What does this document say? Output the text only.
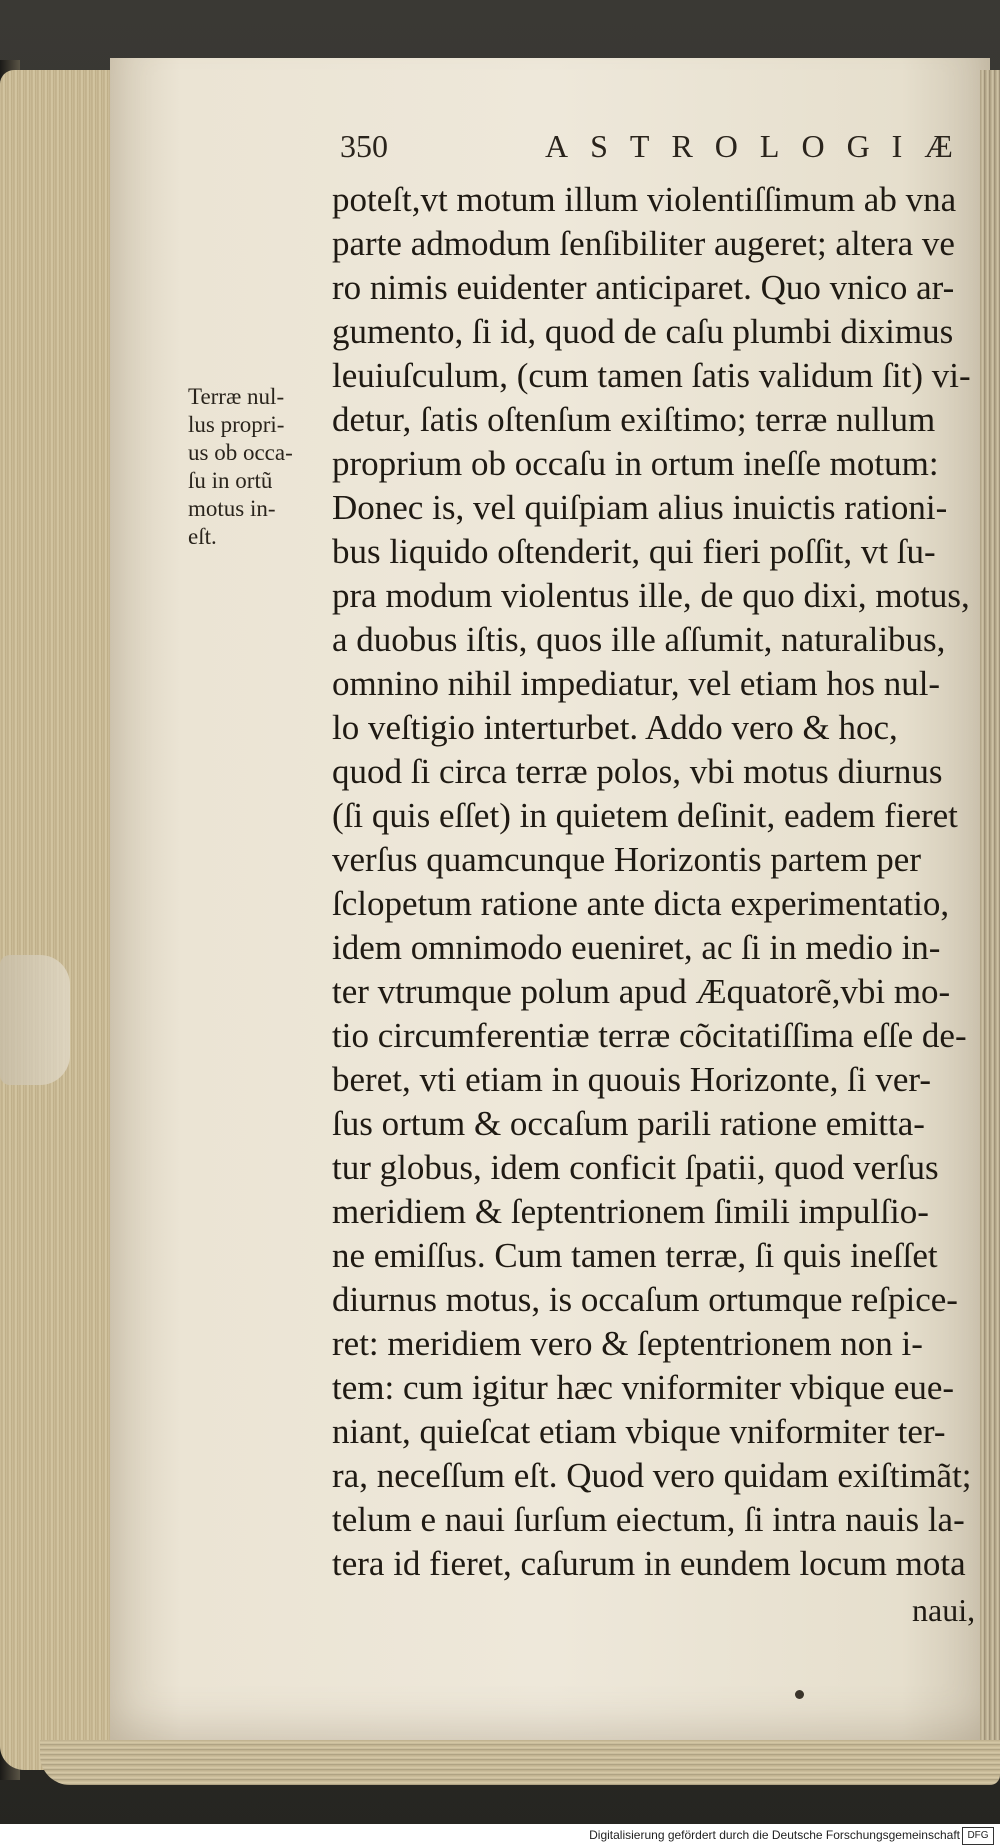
350	ASTROLOGIÆ
Terræ nul-
lus propri-
us ob occa-
ſu in ortũ
motus in-
eſt.
poteſt,vt motum illum violentiſſimum ab vna
parte admodum ſenſibiliter augeret; altera ve
ro nimis euidenter anticiparet. Quo vnico ar-
gumento, ſi id, quod de caſu plumbi diximus
leuiuſculum, (cum tamen ſatis validum ſit) vi-
detur, ſatis oſtenſum exiſtimo; terræ nullum
proprium ob occaſu in ortum ineſſe motum:
Donec is, vel quiſpiam alius inuictis rationi-
bus liquido oſtenderit, qui fieri poſſit, vt ſu-
pra modum violentus ille, de quo dixi, motus,
a duobus iſtis, quos ille aſſumit, naturalibus,
omnino nihil impediatur, vel etiam hos nul-
lo veſtigio interturbet. Addo vero & hoc,
quod ſi circa terræ polos, vbi motus diurnus
(ſi quis eſſet) in quietem deſinit, eadem fieret
verſus quamcunque Horizontis partem per
ſclopetum ratione ante dicta experimentatio,
idem omnimodo eueniret, ac ſi in medio in-
ter vtrumque polum apud Æquatorẽ,vbi mo-
tio circumferentiæ terræ cõcitatiſſima eſſe de-
beret, vti etiam in quouis Horizonte, ſi ver-
ſus ortum & occaſum parili ratione emitta-
tur globus, idem conficit ſpatii, quod verſus
meridiem & ſeptentrionem ſimili impulſio-
ne emiſſus. Cum tamen terræ, ſi quis ineſſet
diurnus motus, is occaſum ortumque reſpice-
ret: meridiem vero & ſeptentrionem non i-
tem: cum igitur hæc vniformiter vbique eue-
niant, quieſcat etiam vbique vniformiter ter-
ra, neceſſum eſt. Quod vero quidam exiſtimãt;
telum e naui ſurſum eiectum, ſi intra nauis la-
tera id fieret, caſurum in eundem locum mota
naui,
Digitalisierung gefördert durch die Deutsche Forschungsgemeinschaft DFG
